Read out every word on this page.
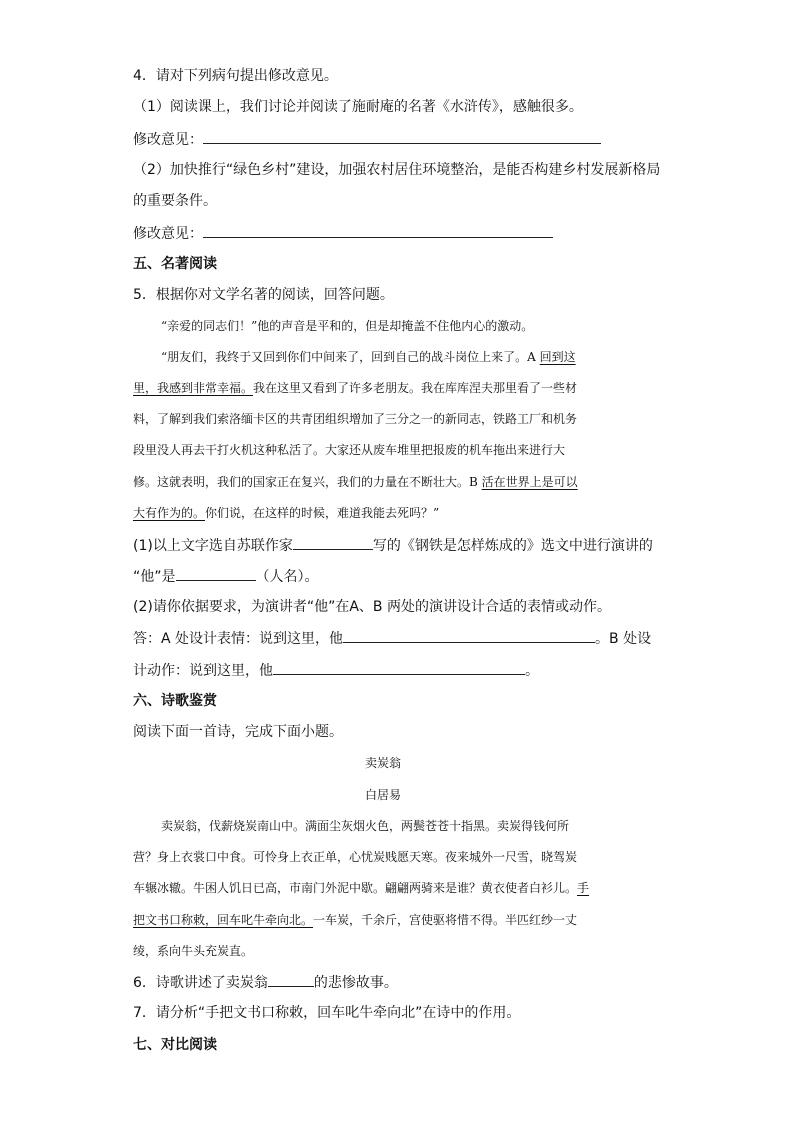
4．请对下列病句提出修改意见。
（1）阅读课上，我们讨论并阅读了施耐庵的名著《水浒传》，感触很多。
修改意见：
（2）加快推行“绿色乡村”建设，加强农村居住环境整治，是能否构建乡村发展新格局
的重要条件。
修改意见：
五、名著阅读
5．根据你对文学名著的阅读，回答问题。
“亲爱的同志们！”他的声音是平和的，但是却掩盖不住他内心的激动。
“朋友们，我终于又回到你们中间来了，回到自己的战斗岗位上来了。A 回到这
里，我感到非常幸福。我在这里又看到了许多老朋友。我在库库涅夫那里看了一些材
料，了解到我们索洛缅卡区的共青团组织增加了三分之一的新同志，铁路工厂和机务
段里没人再去干打火机这种私活了。大家还从废车堆里把报废的机车拖出来进行大
修。这就表明，我们的国家正在复兴，我们的力量在不断壮大。B 活在世界上是可以
大有作为的。你们说，在这样的时候，难道我能去死吗？”
(1)以上文字选自苏联作家	写的《钢铁是怎样炼成的》选文中进行演讲的
“他”是	（人名）。
(2)请你依据要求，为演讲者“他”在A、B 两处的演讲设计合适的表情或动作。
答：A 处设计表情：说到这里，他	。B 处设
计动作：说到这里，他	。
六、诗歌鉴赏
阅读下面一首诗，完成下面小题。
卖炭翁
白居易
卖炭翁，伐薪烧炭南山中。满面尘灰烟火色，两鬓苍苍十指黑。卖炭得钱何所
营？身上衣裳口中食。可怜身上衣正单，心忧炭贱愿天寒。夜来城外一尺雪，晓驾炭
车辗冰辙。牛困人饥日已高，市南门外泥中歇。翩翩两骑来是谁？黄衣使者白衫儿。手
把文书口称敕，回车叱牛牵向北。一车炭，千余斤，宫使驱将惜不得。半匹红纱一丈
绫，系向牛头充炭直。
6．诗歌讲述了卖炭翁	的悲惨故事。
7．请分析“手把文书口称敕，回车叱牛牵向北”在诗中的作用。
七、对比阅读
